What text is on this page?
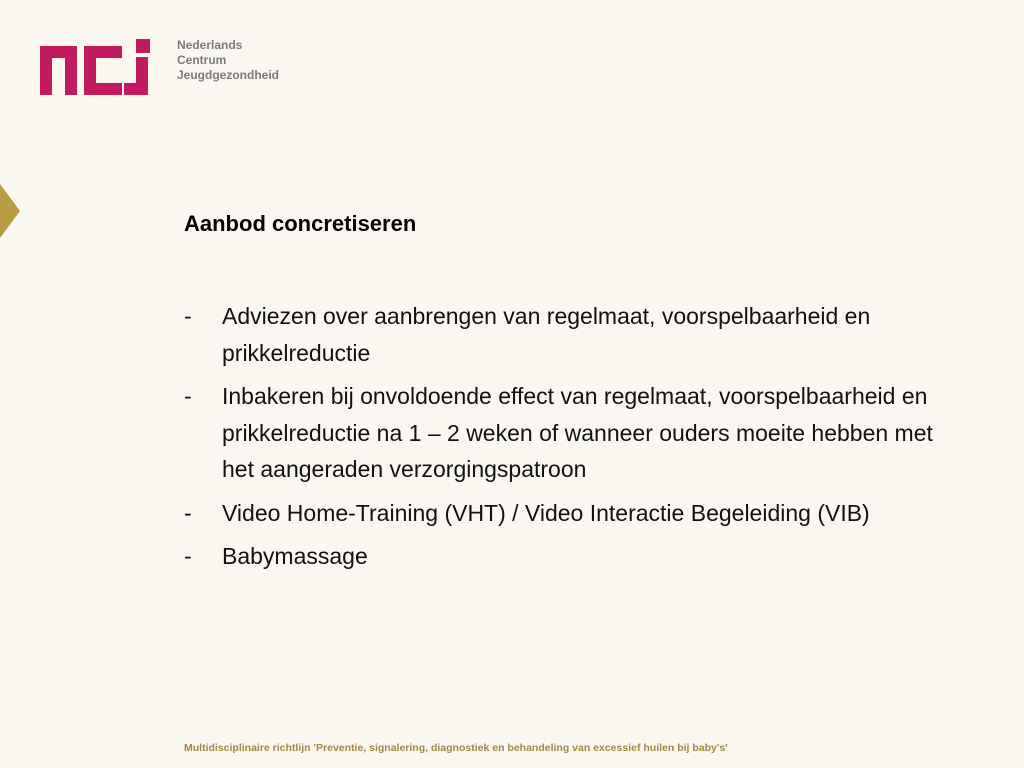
Nederlands
Centrum
Jeugdgezondheid
Aanbod concretiseren
-	Adviezen over aanbrengen van regelmaat, voorspelbaarheid en prikkelreductie
-	Inbakeren bij onvoldoende effect van regelmaat, voorspelbaarheid en prikkelreductie na 1 – 2 weken of wanneer ouders moeite hebben met het aangeraden verzorgingspatroon
-	Video Home-Training (VHT) / Video Interactie Begeleiding (VIB)
-	Babymassage
Multidisciplinaire richtlijn 'Preventie, signalering, diagnostiek en behandeling van excessief huilen bij baby's'
